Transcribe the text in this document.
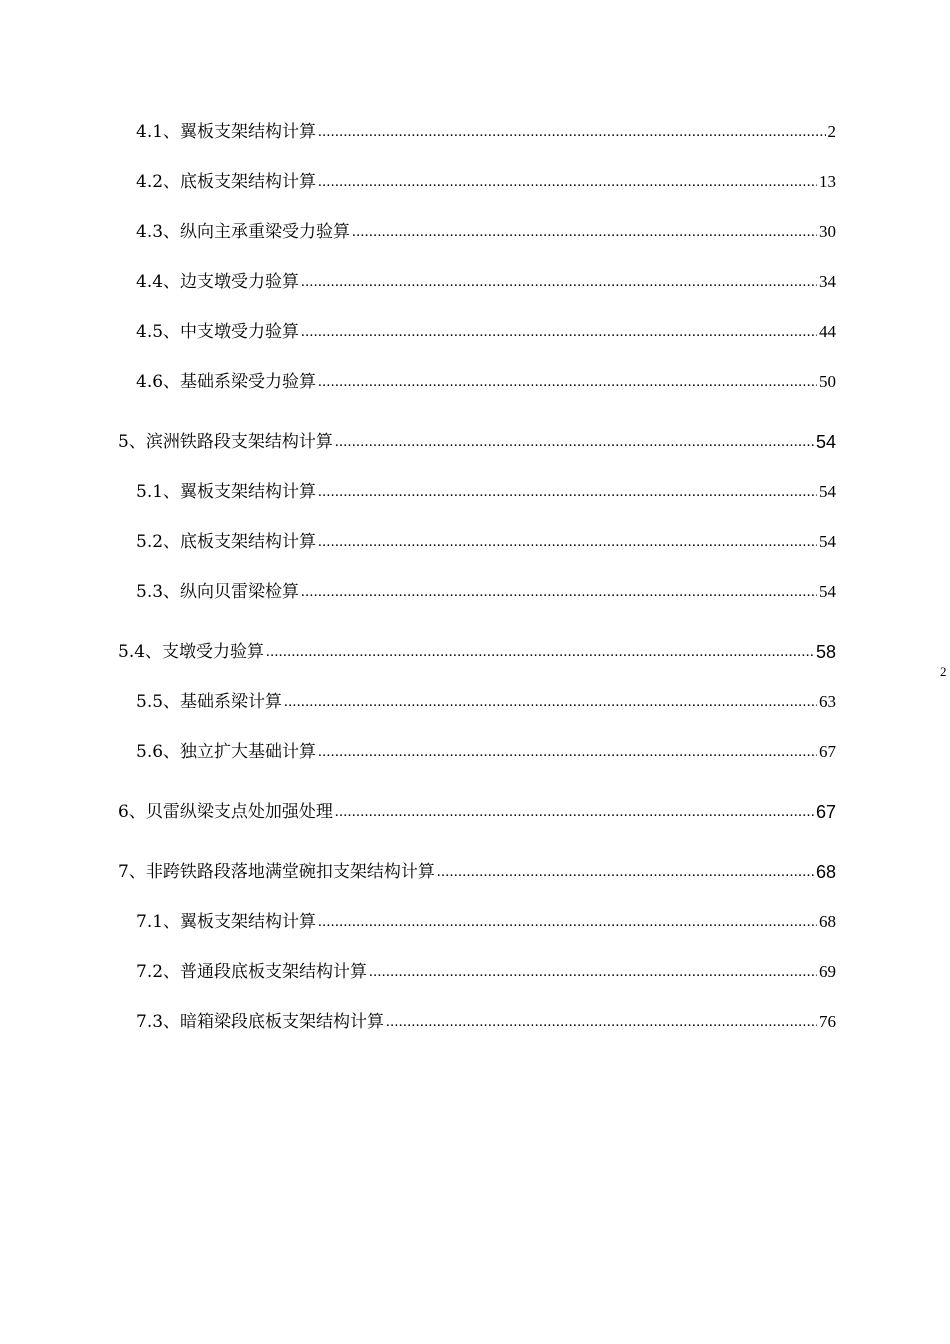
4.1、翼板支架结构计算 .....	2
4.2、底板支架结构计算 .....	13
4.3、纵向主承重梁受力验算 .....	30
4.4、边支墩受力验算 .....	34
4.5、中支墩受力验算 .....	44
4.6、基础系梁受力验算 .....	50
5、滨洲铁路段支架结构计算 .....	54
5.1、翼板支架结构计算 .....	54
5.2、底板支架结构计算 .....	54
5.3、纵向贝雷梁检算 .....	54
5.4、支墩受力验算 .....	58
5.5、基础系梁计算 .....	63
5.6、独立扩大基础计算 .....	67
6、贝雷纵梁支点处加强处理 .....	67
7、非跨铁路段落地满堂碗扣支架结构计算 .....	68
7.1、翼板支架结构计算 .....	68
7.2、普通段底板支架结构计算 .....	69
7.3、暗箱梁段底板支架结构计算 .....	76
2
